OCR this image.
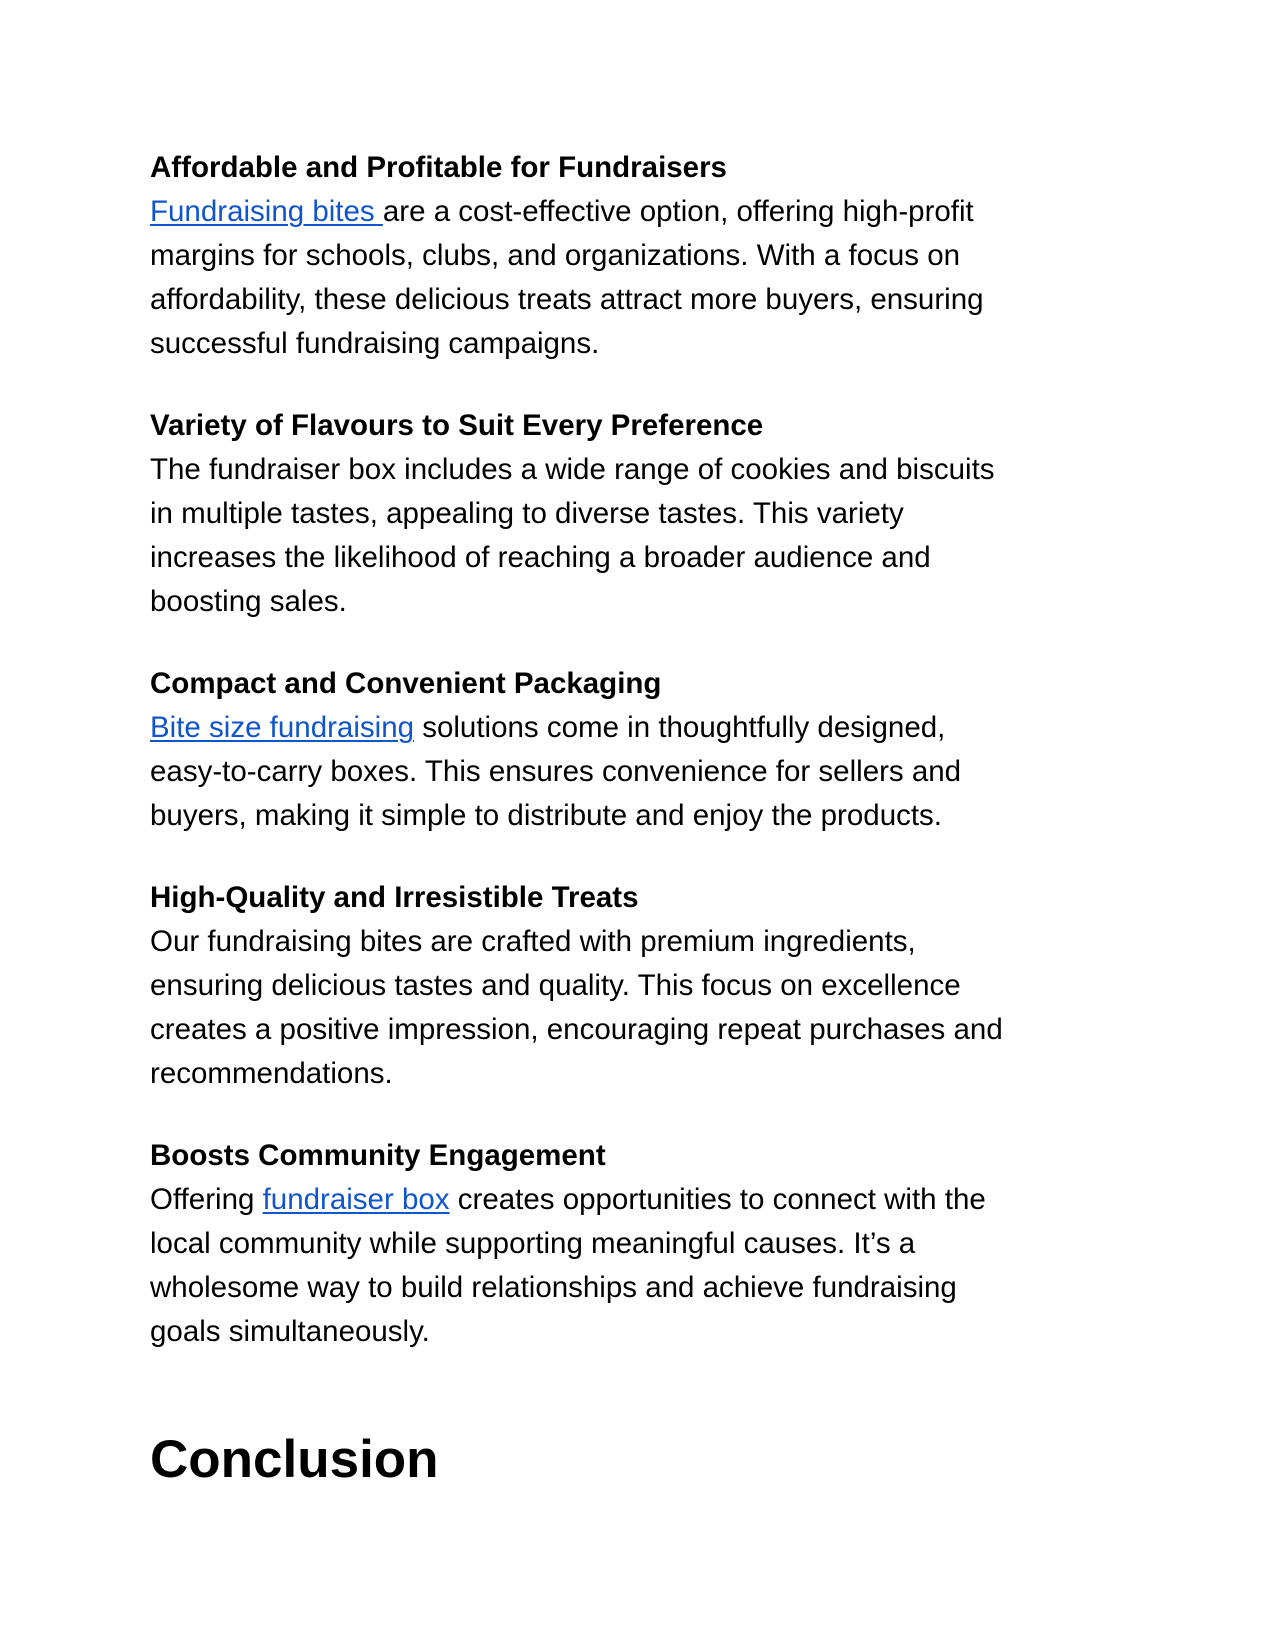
Affordable and Profitable for Fundraisers

Fundraising bites are a cost-effective option, offering high-profit
margins for schools, clubs, and organizations. With a focus on
affordability, these delicious treats attract more buyers, ensuring
successful fundraising campaigns.

Variety of Flavours to Suit Every Preference

The fundraiser box includes a wide range of cookies and biscuits
in multiple tastes, appealing to diverse tastes. This variety
increases the likelihood of reaching a broader audience and
boosting sales.

Compact and Convenient Packaging

Bite size fundraising solutions come in thoughtfully designed,
easy-to-carry boxes. This ensures convenience for sellers and
buyers, making it simple to distribute and enjoy the products.

High-Quality and Irresistible Treats

Our fundraising bites are crafted with premium ingredients,
ensuring delicious tastes and quality. This focus on excellence
creates a positive impression, encouraging repeat purchases and
recommendations.

Boosts Community Engagement

Offering fundraiser box creates opportunities to connect with the
local community while supporting meaningful causes. It’s a
wholesome way to build relationships and achieve fundraising
goals simultaneously.

Conclusion
